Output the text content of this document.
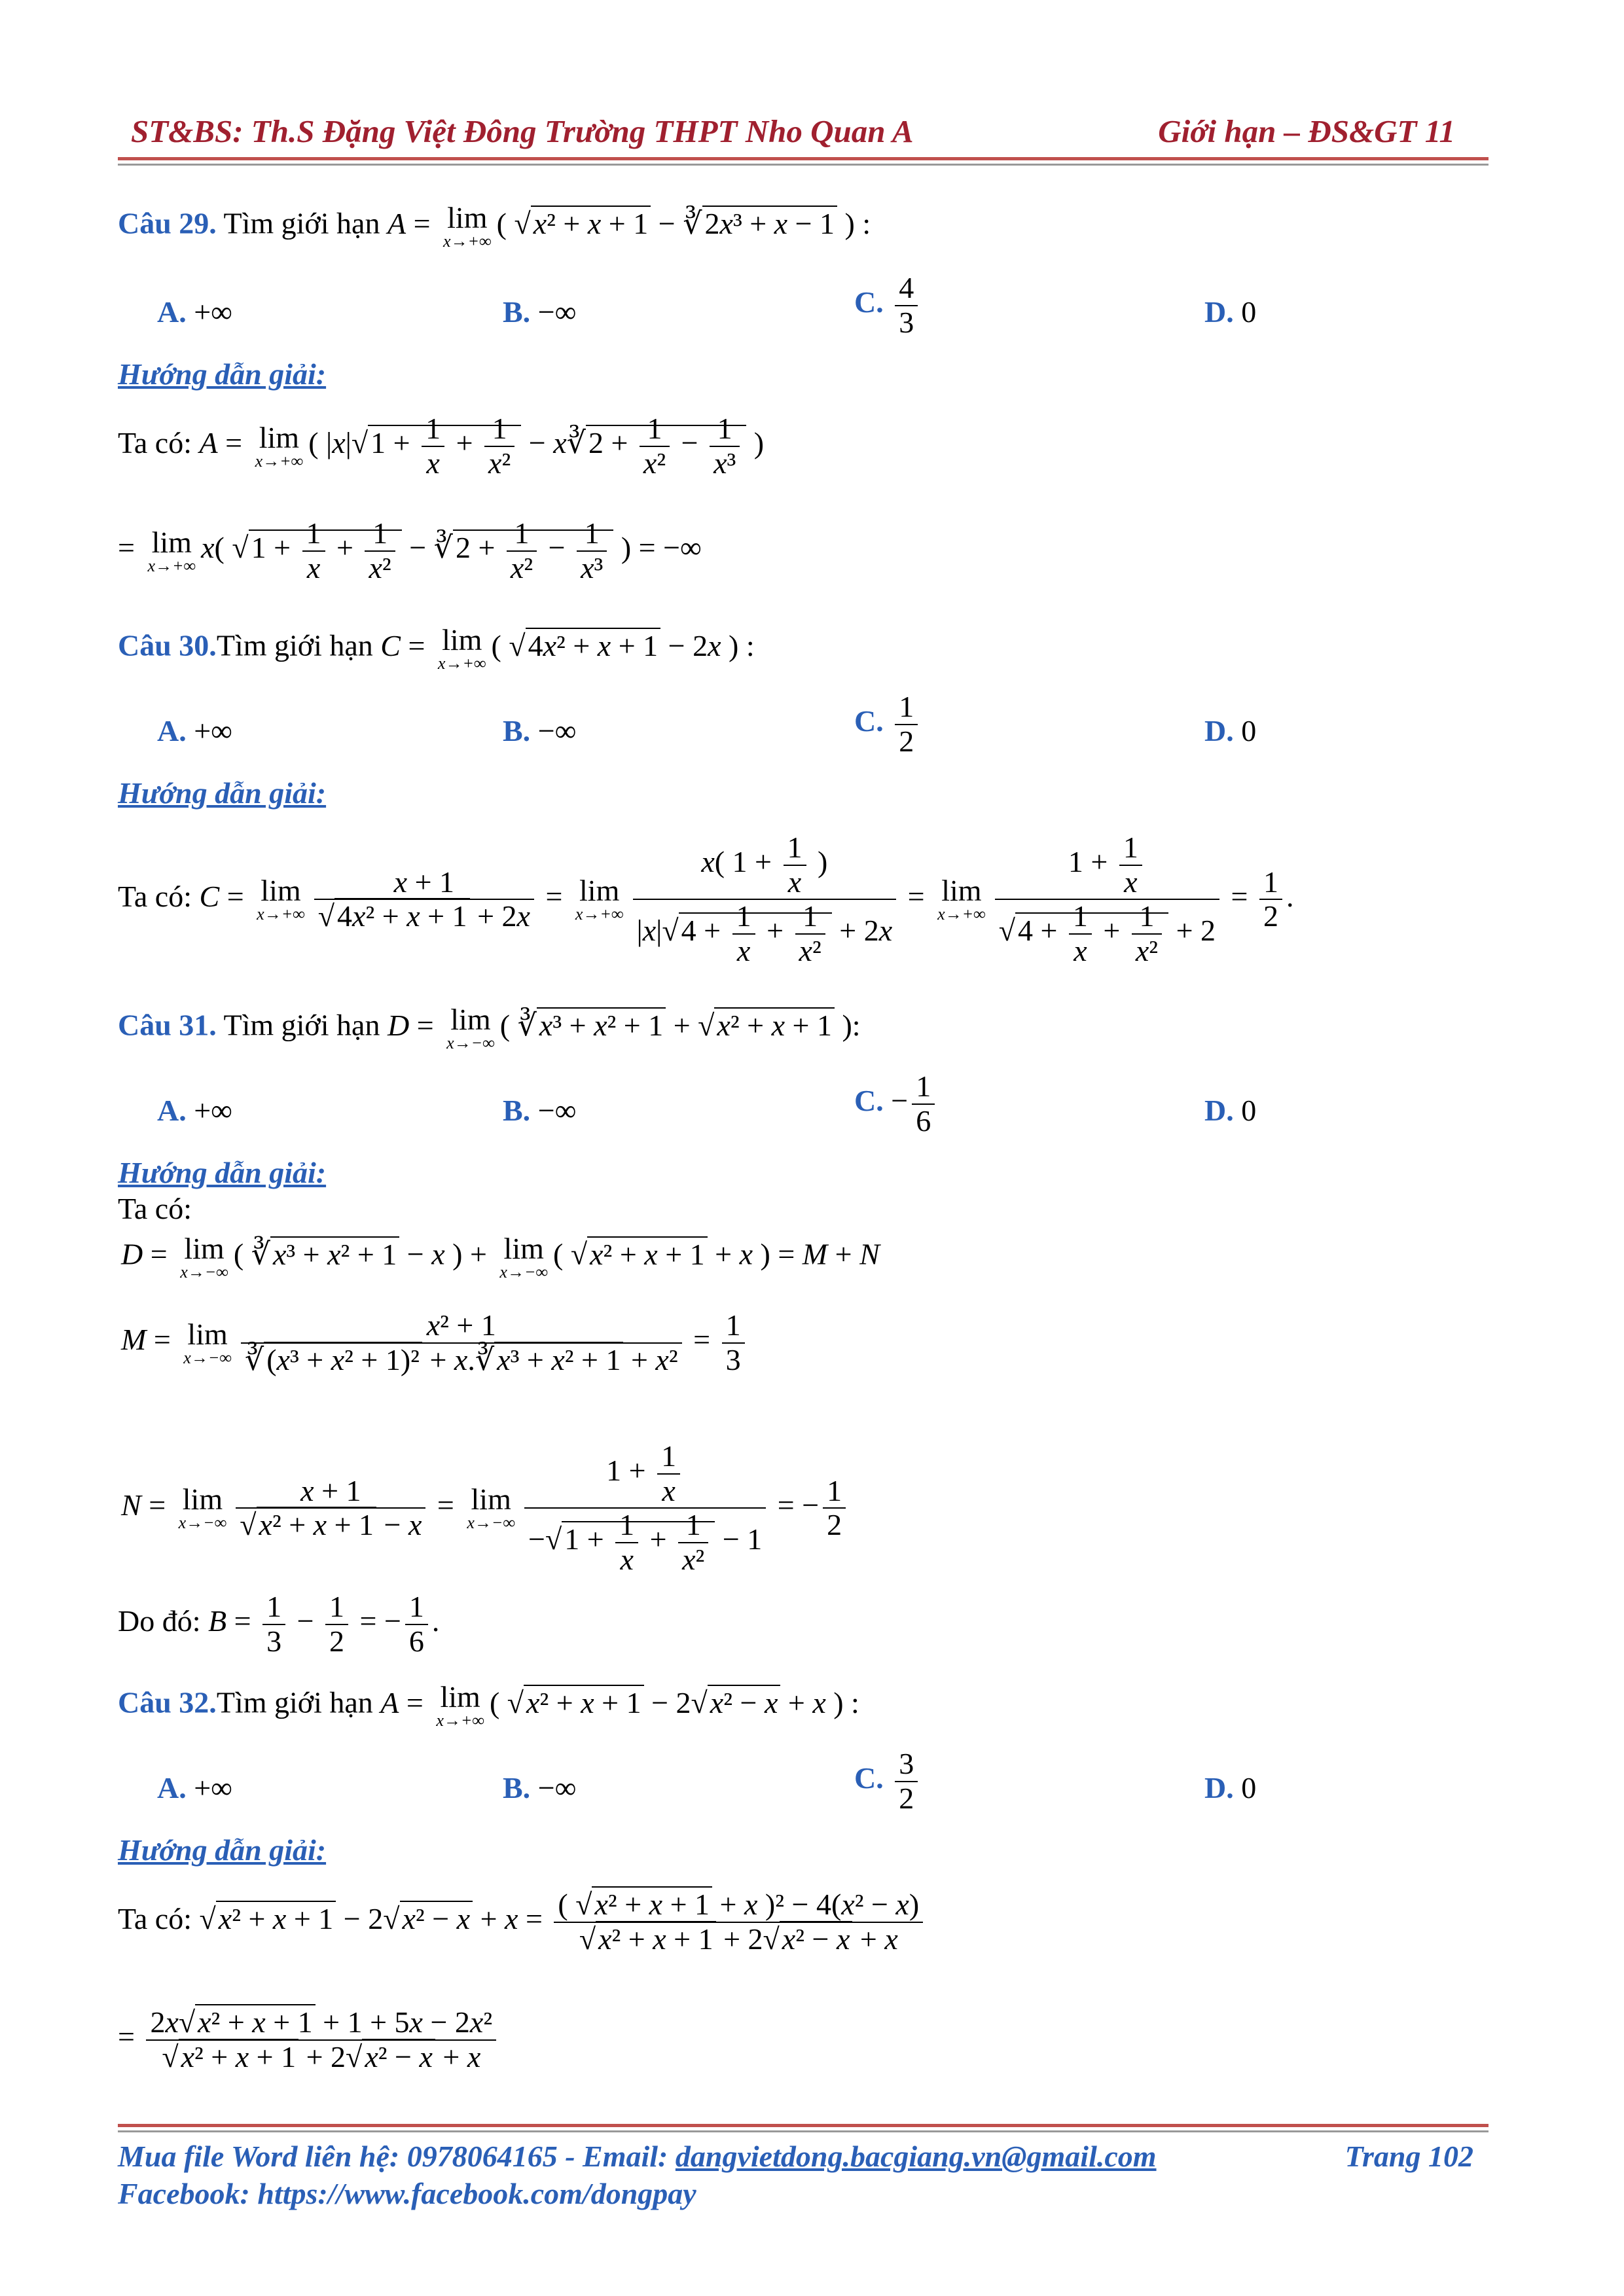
ST&BS: Th.S Đặng Việt Đông Trường THPT Nho Quan A	Giới hạn – ĐS&GT 11
Câu 29. Tìm giới hạn A = lim
x→+∞
( √x² + x + 1 − ∛2x³ + x − 1 ) :
A. +∞	B. −∞	C. $\frac{4}{3}$	D. 0
Hướng dẫn giải:
Ta có: A = lim
x→+∞
( $|x|√1 + \frac{1}{x} + \frac{1}{\text{x²}}$ − x∛2 + $\frac{1}{\text{x²}} - \frac{1}{\text{x³}}$ )
= lim
x→+∞
x( $√1 + \frac{1}{x} + \frac{1}{\text{x²}}$ − ∛2 + $\frac{1}{\text{x²}} - \frac{1}{\text{x³}}$ ) = −∞
Câu 30.Tìm giới hạn C = lim
x→+∞
( √4x² + x + 1 − 2x ) :
A. +∞	B. −∞	C. $\frac{1}{2}$	D. 0
Hướng dẫn giải:
Ta có: C = lim
$x\to+\infty \frac{x + 1}{\text{√4x² + x + 1 + 2x}} = \lim$
$x\to+\infty \frac{x( 1 + \frac{1}{x} )}{|x|√4 + \frac{1}{x} + \frac{1}{\text{x²}} + 2x} = \lim$
$x\to+\infty \frac{1 + \frac{1}{x}}{√4 + \frac{1}{x} + \frac{1}{\text{x²}} + 2} = \frac{1}{2}$ .
Câu 31. Tìm giới hạn D = lim
x→−∞
( ∛x³ + x² + 1 + √x² + x + 1 ):
A. +∞	B. −∞	C. − $\frac{1}{6}$	D. 0
Hướng dẫn giải:
Ta có:
D = lim
x→−∞
( ∛x³ + x² + 1 − x ) + lim
x→−∞
( √x² + x + 1 + x ) = M + N
M = lim
$x\to-\infty \frac{\text{x² + 1}}{\text{∛(x³ + x² + 1)² + x.∛x³ + x² + 1 + x²}} = \frac{1}{3}$
N = lim
$x\to-\infty \frac{x + 1}{\text{√x² + x + 1 − x}} = \lim$
$x\to-\infty \frac{1 + \frac{1}{x}}{-√1 + \frac{1}{x} + \frac{1}{\text{x²}} - 1}$ = − $\frac{1}{2}$
Do đó: $B = \frac{1}{3} - \frac{1}{2}$ = − $\frac{1}{6}$ .
Câu 32.Tìm giới hạn A = lim
x→+∞
( √x² + x + 1 − 2√x² − x + x ) :
A. +∞	B. −∞	C. $\frac{3}{2}$	D. 0
Hướng dẫn giải:
Ta có: $√x^2 + x + 1 - 2√x^2 - x + x = \frac{\text{( √x² + x + 1 + x )² − 4(x² − x)}}{\text{√x² + x + 1 + 2√x² − x + x}}$
= $\frac{\text{2x√x² + x + 1 + 1 + 5x − 2x²}}{\text{√x² + x + 1 + 2√x² − x + x}}$
Mua file Word liên hệ: 0978064165 - Email: dangvietdong.bacgiang.vn@gmail.com	Trang 102
Facebook: https://www.facebook.com/dongpay
